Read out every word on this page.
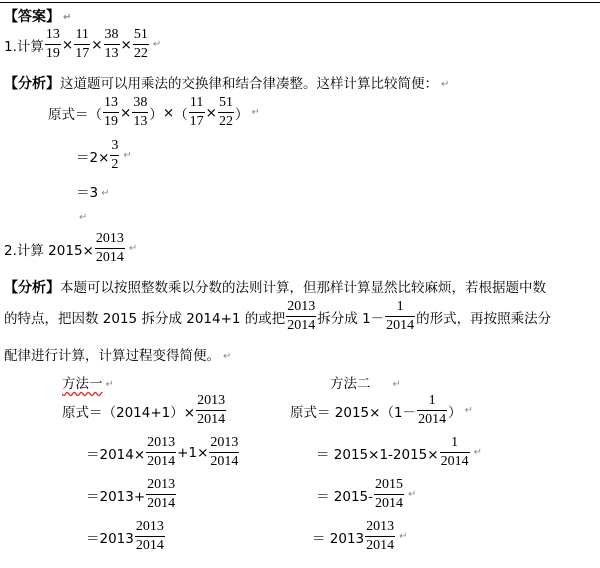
【答案】 ↵
1.计算 $\frac{13}{19} \times \frac{11}{17} \times \frac{38}{13} \times \frac{51}{22}$ ↵
【分析】这道题可以用乘法的交换律和结合律凑整。这样计算比较简便： ↵
原式＝ （ $\frac{13}{19} \times \frac{38}{13}$ ） × （ $\frac{11}{17} \times \frac{51}{22}$ ） ↵
$=2\times \frac{3}{2}$ ↵
＝3 ↵
↵
2.计算 $2015\times \frac{2013}{2014}$ ↵
【分析】本题可以按照整数乘以分数的法则计算，但那样计算显然比较麻烦，若根据题中数
的特点，把因数 2015 拆分成 2014+1 的或把 $\frac{2013}{2014}$ 拆分成 $1- \frac{1}{2014}$ 的形式，再按照乘法分
配律进行计算，计算过程变得简便。 ↵
方法一 ↵
原式$=(2014+1)\times \frac{2013}{2014}$
$=2014\times \frac{2013}{2014} +1\times \frac{2013}{2014}$
$=2013+ \frac{2013}{2014}$
$=2013 \frac{2013}{2014}$
方法二 ↵
原式＝ $2015\times(1- \frac{1}{2014}$ ） ↵
＝ $2015\times 1-2015\times \frac{1}{2014}$ ↵
＝ $2015- \frac{2015}{2014}$ ↵
＝ $2013 \frac{2013}{2014}$ ↵
